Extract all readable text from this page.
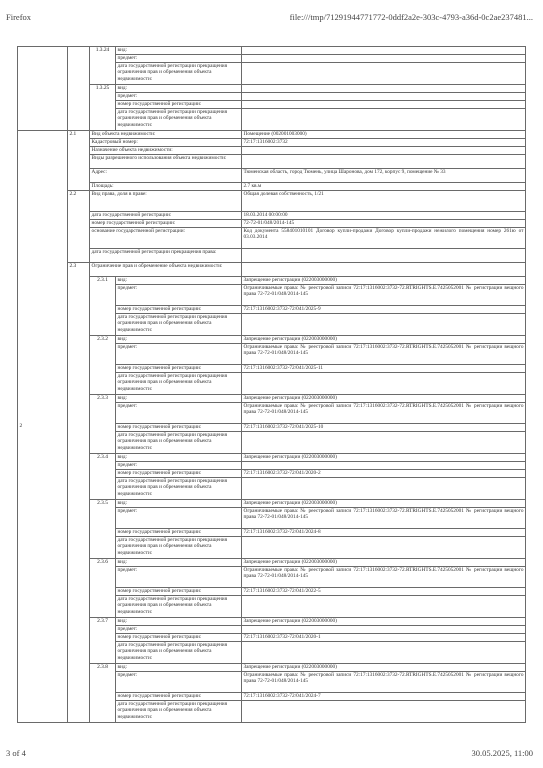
Firefox	file:///tmp/71291944771772-0ddf2a2e-303c-4793-a36d-0c2ae237481...
		1.3.24	вид:	
			предмет:	
			дата государственной регистрации прекращения ограничения прав и обременения объекта недвижимости:	
		1.3.25	вид:	
			предмет:	
			номер государственной регистрации:	
			дата государственной регистрации прекращения ограничения прав и обременения объекта недвижимости:	
2	2.1	Вид объекта недвижимости:		Помещение (002001003000)
		Кадастровый номер:		72:17:1316002:3732
		Назначение объекта недвижимости:		
		Виды разрешенного использования объекта недвижимости:		
		Адрес:		Тюменская область, город Тюмень, улица Шаронова, дом 172, корпус 9, помещение № 33
		Площадь:		2.7 кв.м
	2.2	Вид права, доля в праве:		Общая долевая собственность, 1/21
		дата государственной регистрации:		18.03.2014 00:00:00
		номер государственной регистрации:		72-72-01/048/2014-145
		основание государственной регистрации:		Код документа 558401010101 Договор купли-продажи Договор купли-продажи нежилого помещения номер 261ю от 03.03.2014
		дата государственной регистрации прекращения права:		
	2.3	Ограничение прав и обременение объекта недвижимости:		
		2.3.1	вид:	Запрещение регистрации (022003000000)
			предмет:	Ограничиваемые права: № реестровой записи 72:17:1316002:3732-72.RTRIGHTS.E.7425052001 № регистрации вещного права 72-72-01/048/2014-145
			номер государственной регистрации:	72:17:1316002:3732-72/041/2025-9
			дата государственной регистрации прекращения ограничения прав и обременения объекта недвижимости:	
		2.3.2	вид:	Запрещение регистрации (022003000000)
			предмет:	Ограничиваемые права: № реестровой записи 72:17:1316002:3732-72.RTRIGHTS.E.7425052001 № регистрации вещного права 72-72-01/048/2014-145
			номер государственной регистрации:	72:17:1316002:3732-72/041/2025-11
			дата государственной регистрации прекращения ограничения прав и обременения объекта недвижимости:	
		2.3.3	вид:	Запрещение регистрации (022003000000)
			предмет:	Ограничиваемые права: № реестровой записи 72:17:1316002:3732-72.RTRIGHTS.E.7425052001 № регистрации вещного права 72-72-01/048/2014-145
			номер государственной регистрации:	72:17:1316002:3732-72/041/2025-10
			дата государственной регистрации прекращения ограничения прав и обременения объекта недвижимости:	
		2.3.4	вид:	Запрещение регистрации (022003000000)
			предмет:	
			номер государственной регистрации:	72:17:1316002:3732-72/041/2020-2
			дата государственной регистрации прекращения ограничения прав и обременения объекта недвижимости:	
		2.3.5	вид:	Запрещение регистрации (022003000000)
			предмет:	Ограничиваемые права: № реестровой записи 72:17:1316002:3732-72.RTRIGHTS.E.7425052001 № регистрации вещного права 72-72-01/048/2014-145
			номер государственной регистрации:	72:17:1316002:3732-72/041/2024-8
			дата государственной регистрации прекращения ограничения прав и обременения объекта недвижимости:	
		2.3.6	вид:	Запрещение регистрации (022003000000)
			предмет:	Ограничиваемые права: № реестровой записи 72:17:1316002:3732-72.RTRIGHTS.E.7425052001 № регистрации вещного права 72-72-01/048/2014-145
			номер государственной регистрации:	72:17:1316002:3732-72/041/2022-5
			дата государственной регистрации прекращения ограничения прав и обременения объекта недвижимости:	
		2.3.7	вид:	Запрещение регистрации (022003000000)
			предмет:	
			номер государственной регистрации:	72:17:1316002:3732-72/041/2020-1
			дата государственной регистрации прекращения ограничения прав и обременения объекта недвижимости:	
		2.3.8	вид:	Запрещение регистрации (022003000000)
			предмет:	Ограничиваемые права: № реестровой записи 72:17:1316002:3732-72.RTRIGHTS.E.7425052001 № регистрации вещного права 72-72-01/048/2014-145
			номер государственной регистрации:	72:17:1316002:3732-72/041/2024-7
			дата государственной регистрации прекращения ограничения прав и обременения объекта недвижимости:	
3 of 4	30.05.2025, 11:00
